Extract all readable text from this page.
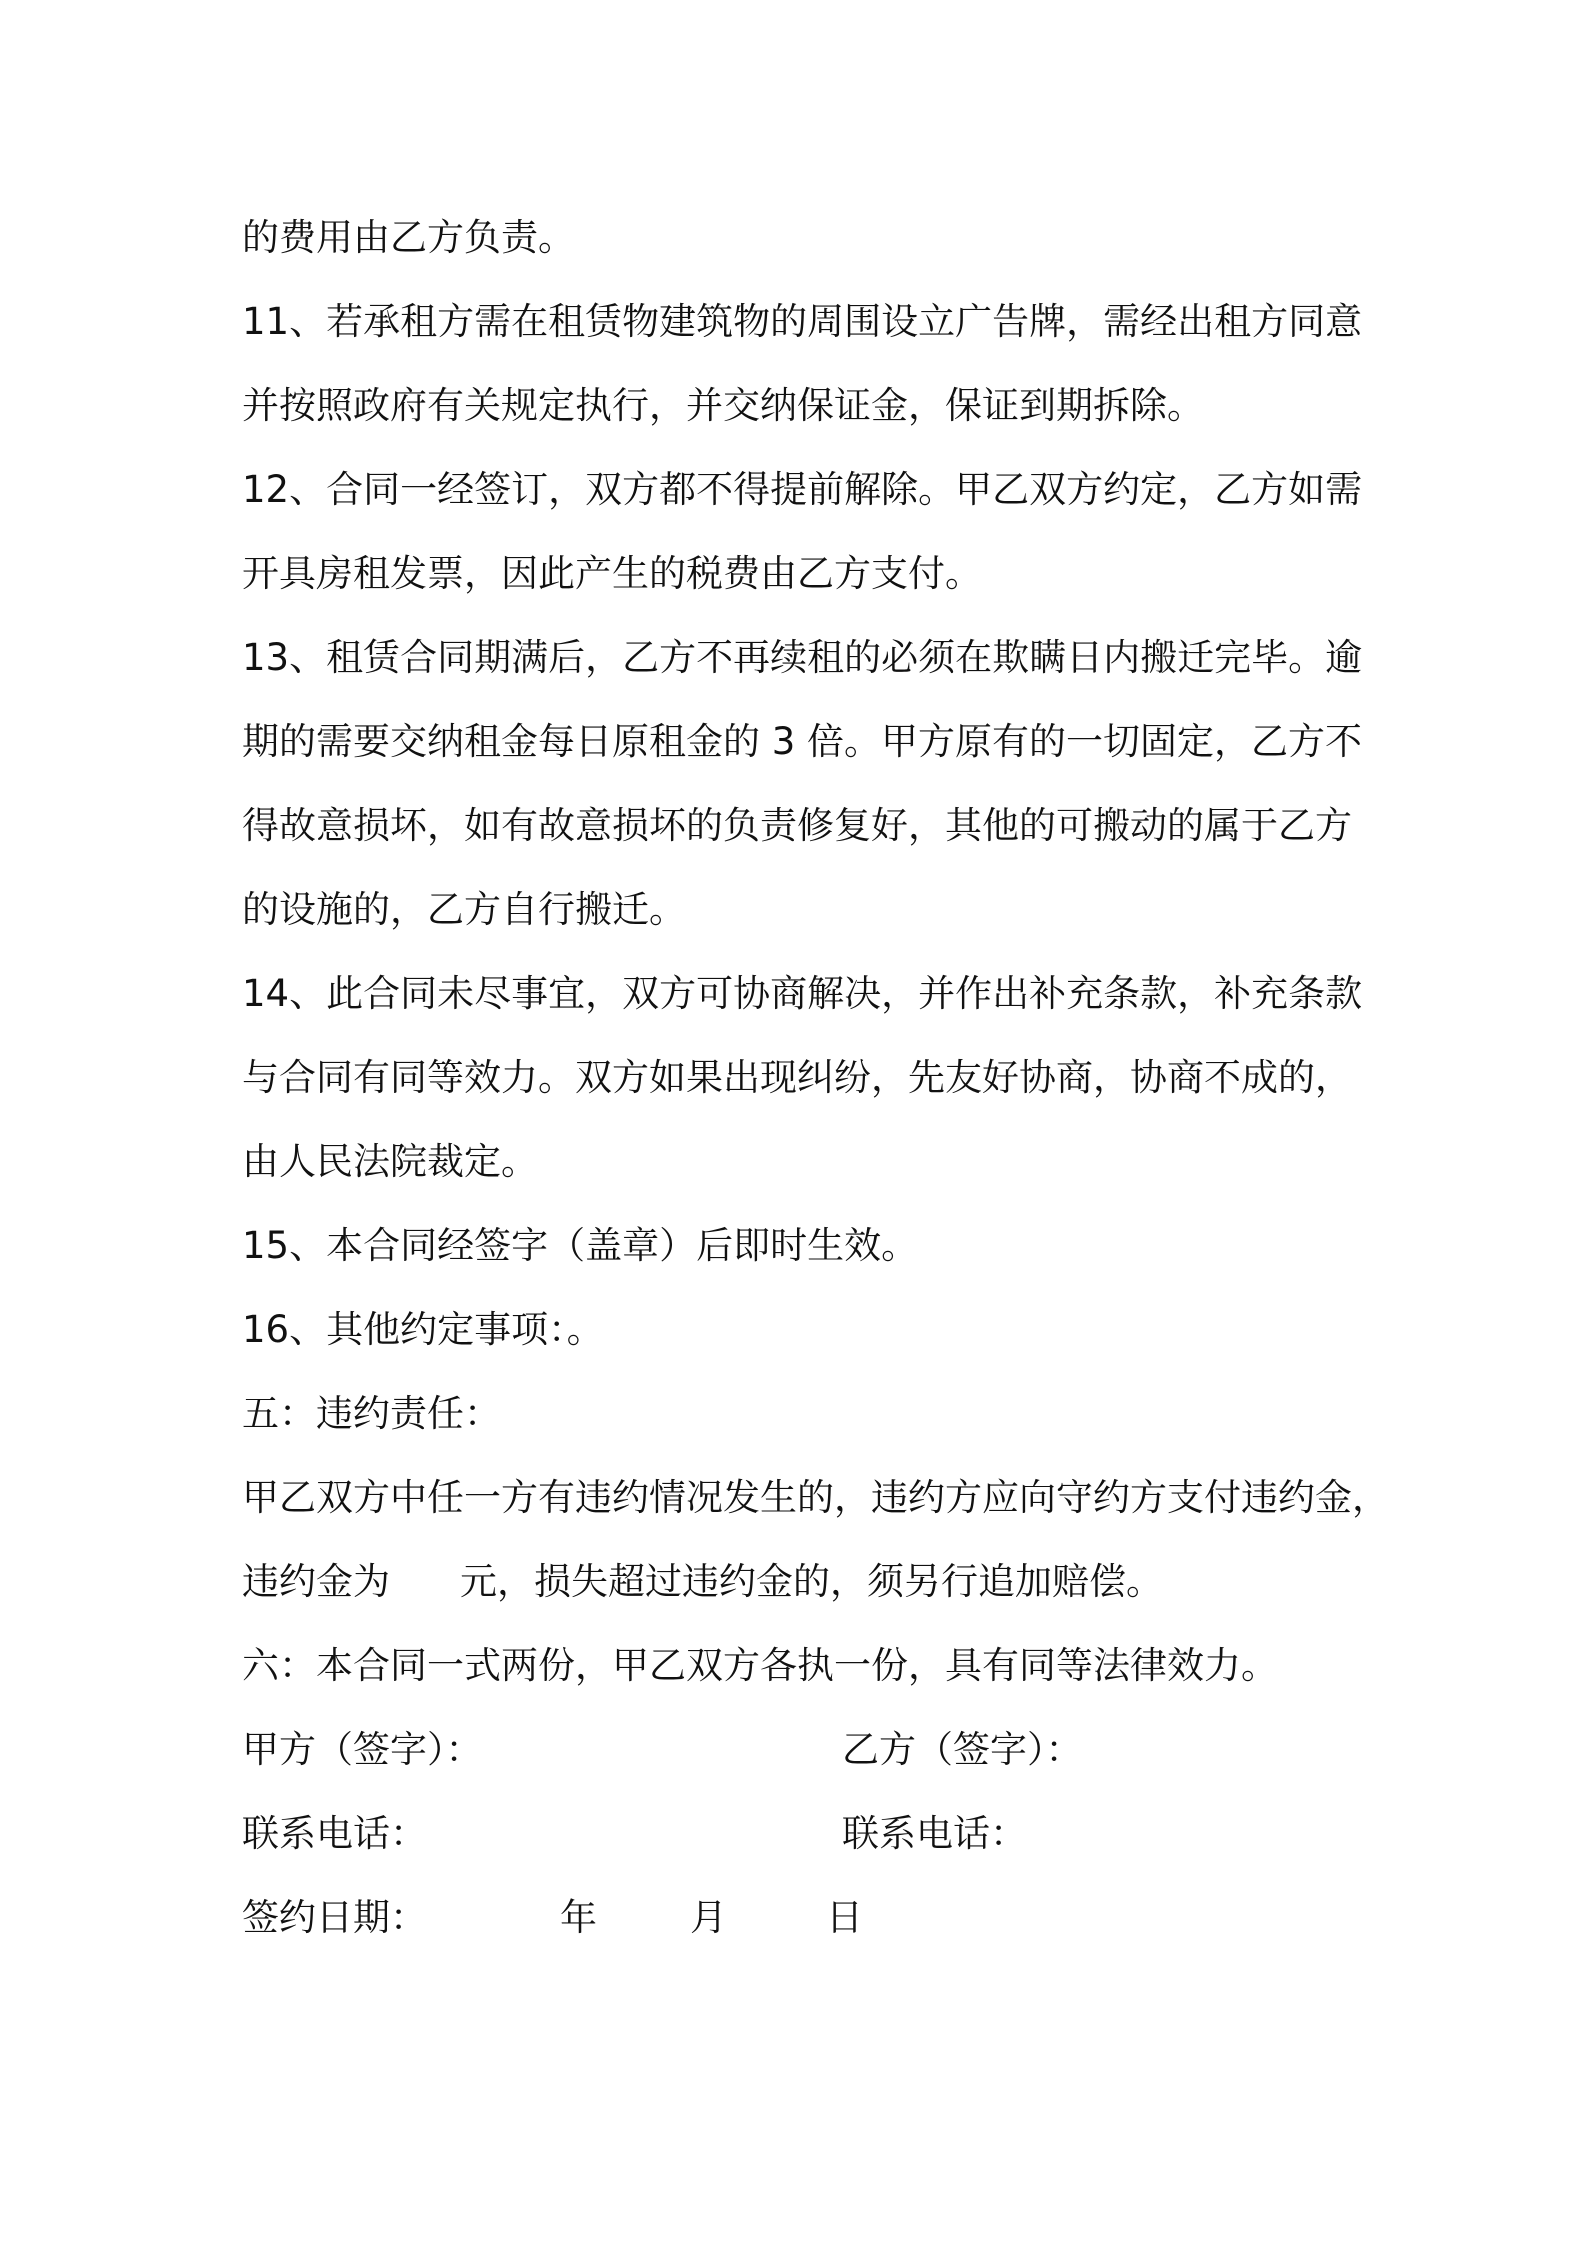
的费用由乙方负责。
11、若承租方需在租赁物建筑物的周围设立广告牌，需经出租方同意
并按照政府有关规定执行，并交纳保证金，保证到期拆除。
12、合同一经签订，双方都不得提前解除。甲乙双方约定，乙方如需
开具房租发票，因此产生的税费由乙方支付。
13、租赁合同期满后，乙方不再续租的必须在欺瞒日内搬迁完毕。逾
期的需要交纳租金每日原租金的 3 倍。甲方原有的一切固定，乙方不
得故意损坏，如有故意损坏的负责修复好，其他的可搬动的属于乙方
的设施的，乙方自行搬迁。
14、此合同未尽事宜，双方可协商解决，并作出补充条款，补充条款
与合同有同等效力。双方如果出现纠纷，先友好协商，协商不成的，
由人民法院裁定。
15、本合同经签字（盖章）后即时生效。
16、其他约定事项：。
五：违约责任：
甲乙双方中任一方有违约情况发生的，违约方应向守约方支付违约金，
违约金为 元，损失超过违约金的，须另行追加赔偿。
六：本合同一式两份，甲乙双方各执一份，具有同等法律效力。
甲方（签字）：	乙方（签字）：
联系电话：	联系电话：
签约日期：	年	月	日
